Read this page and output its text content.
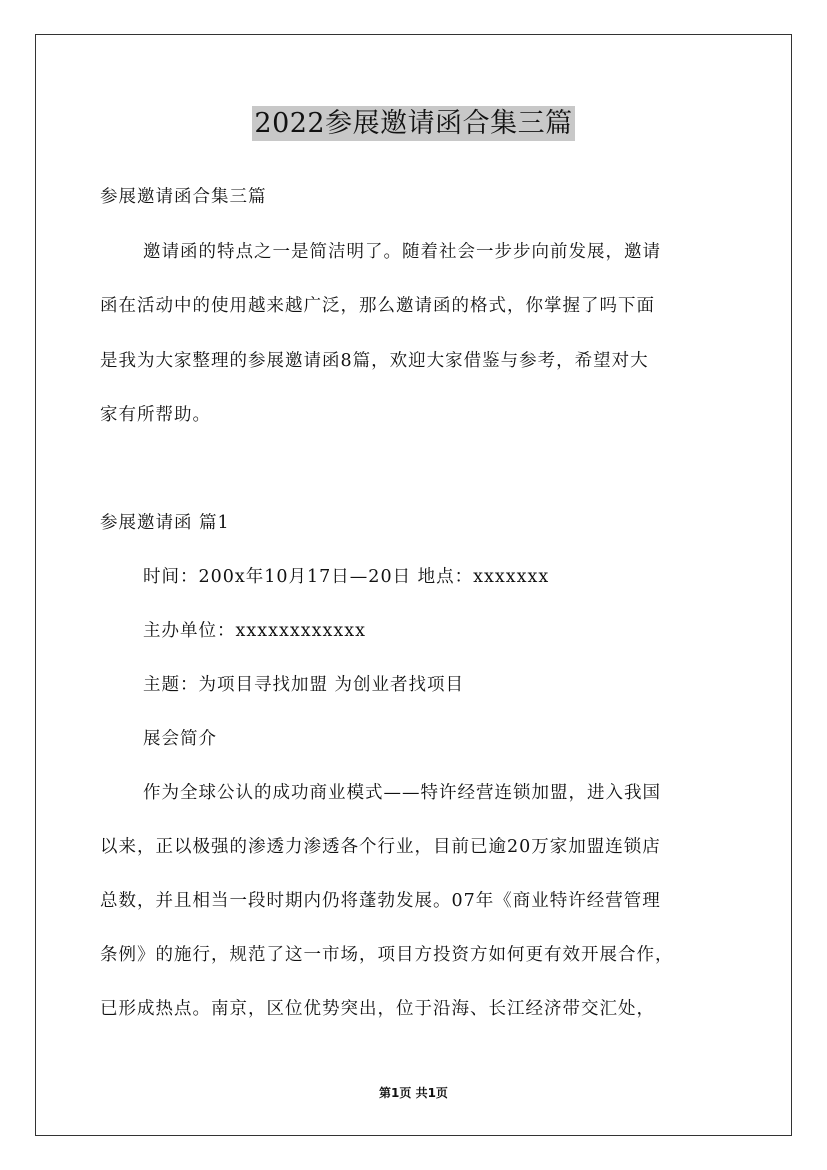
2022参展邀请函合集三篇
参展邀请函合集三篇
邀请函的特点之一是简洁明了。随着社会一步步向前发展，邀请
函在活动中的使用越来越广泛，那么邀请函的格式，你掌握了吗下面
是我为大家整理的参展邀请函8篇，欢迎大家借鉴与参考，希望对大
家有所帮助。
参展邀请函 篇1
时间：200x年10月17日—20日 地点：xxxxxxx
主办单位：xxxxxxxxxxxx
主题：为项目寻找加盟 为创业者找项目
展会简介
作为全球公认的成功商业模式——特许经营连锁加盟，进入我国
以来，正以极强的渗透力渗透各个行业，目前已逾20万家加盟连锁店
总数，并且相当一段时期内仍将蓬勃发展。07年《商业特许经营管理
条例》的施行，规范了这一市场，项目方投资方如何更有效开展合作，
已形成热点。南京，区位优势突出，位于沿海、长江经济带交汇处，
第1页 共1页
